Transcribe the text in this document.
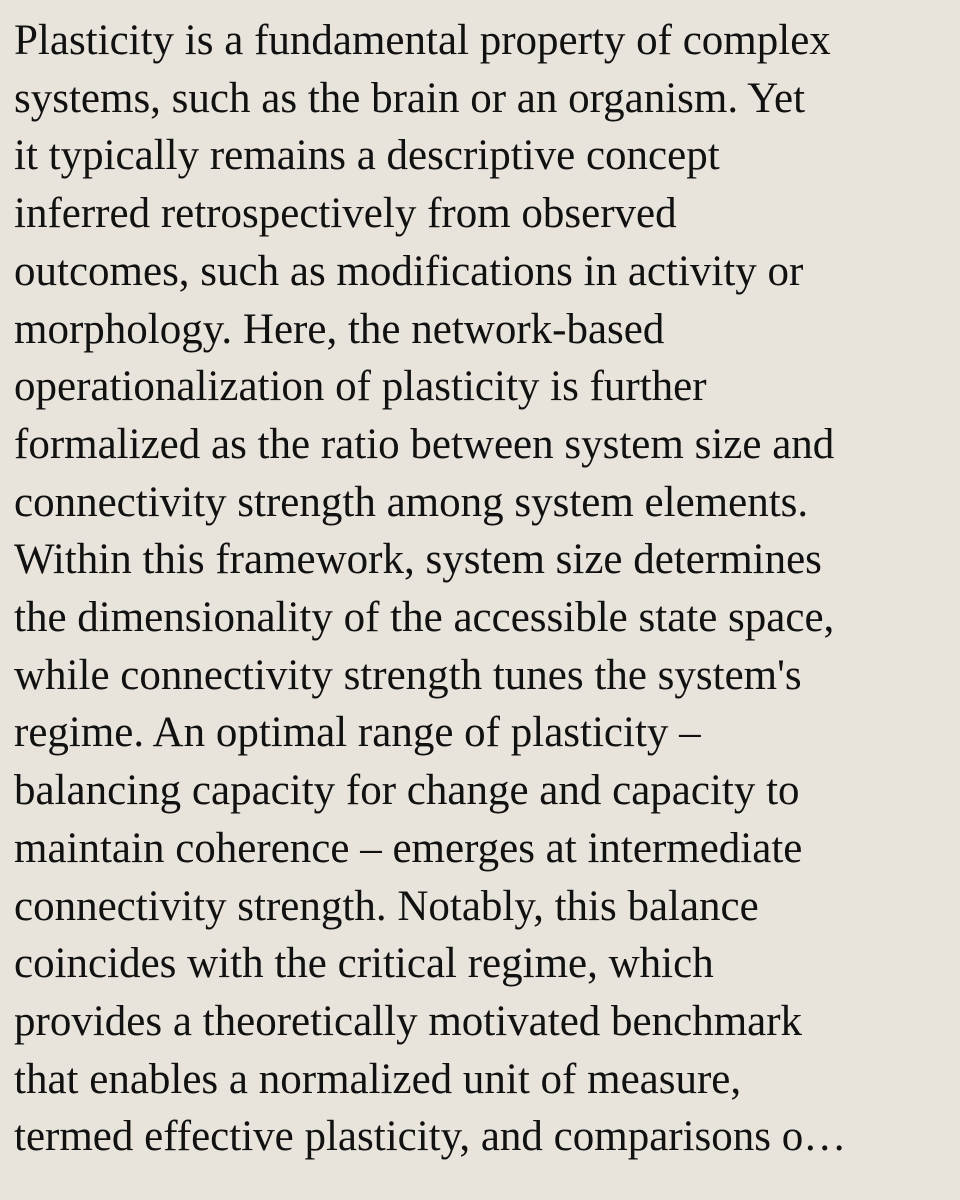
Plasticity is a fundamental property of complex
systems, such as the brain or an organism. Yet
it typically remains a descriptive concept
inferred retrospectively from observed
outcomes, such as modifications in activity or
morphology. Here, the network-based
operationalization of plasticity is further
formalized as the ratio between system size and
connectivity strength among system elements.
Within this framework, system size determines
the dimensionality of the accessible state space,
while connectivity strength tunes the system's
regime. An optimal range of plasticity –
balancing capacity for change and capacity to
maintain coherence – emerges at intermediate
connectivity strength. Notably, this balance
coincides with the critical regime, which
provides a theoretically motivated benchmark
that enables a normalized unit of measure,
termed effective plasticity, and comparisons o…
